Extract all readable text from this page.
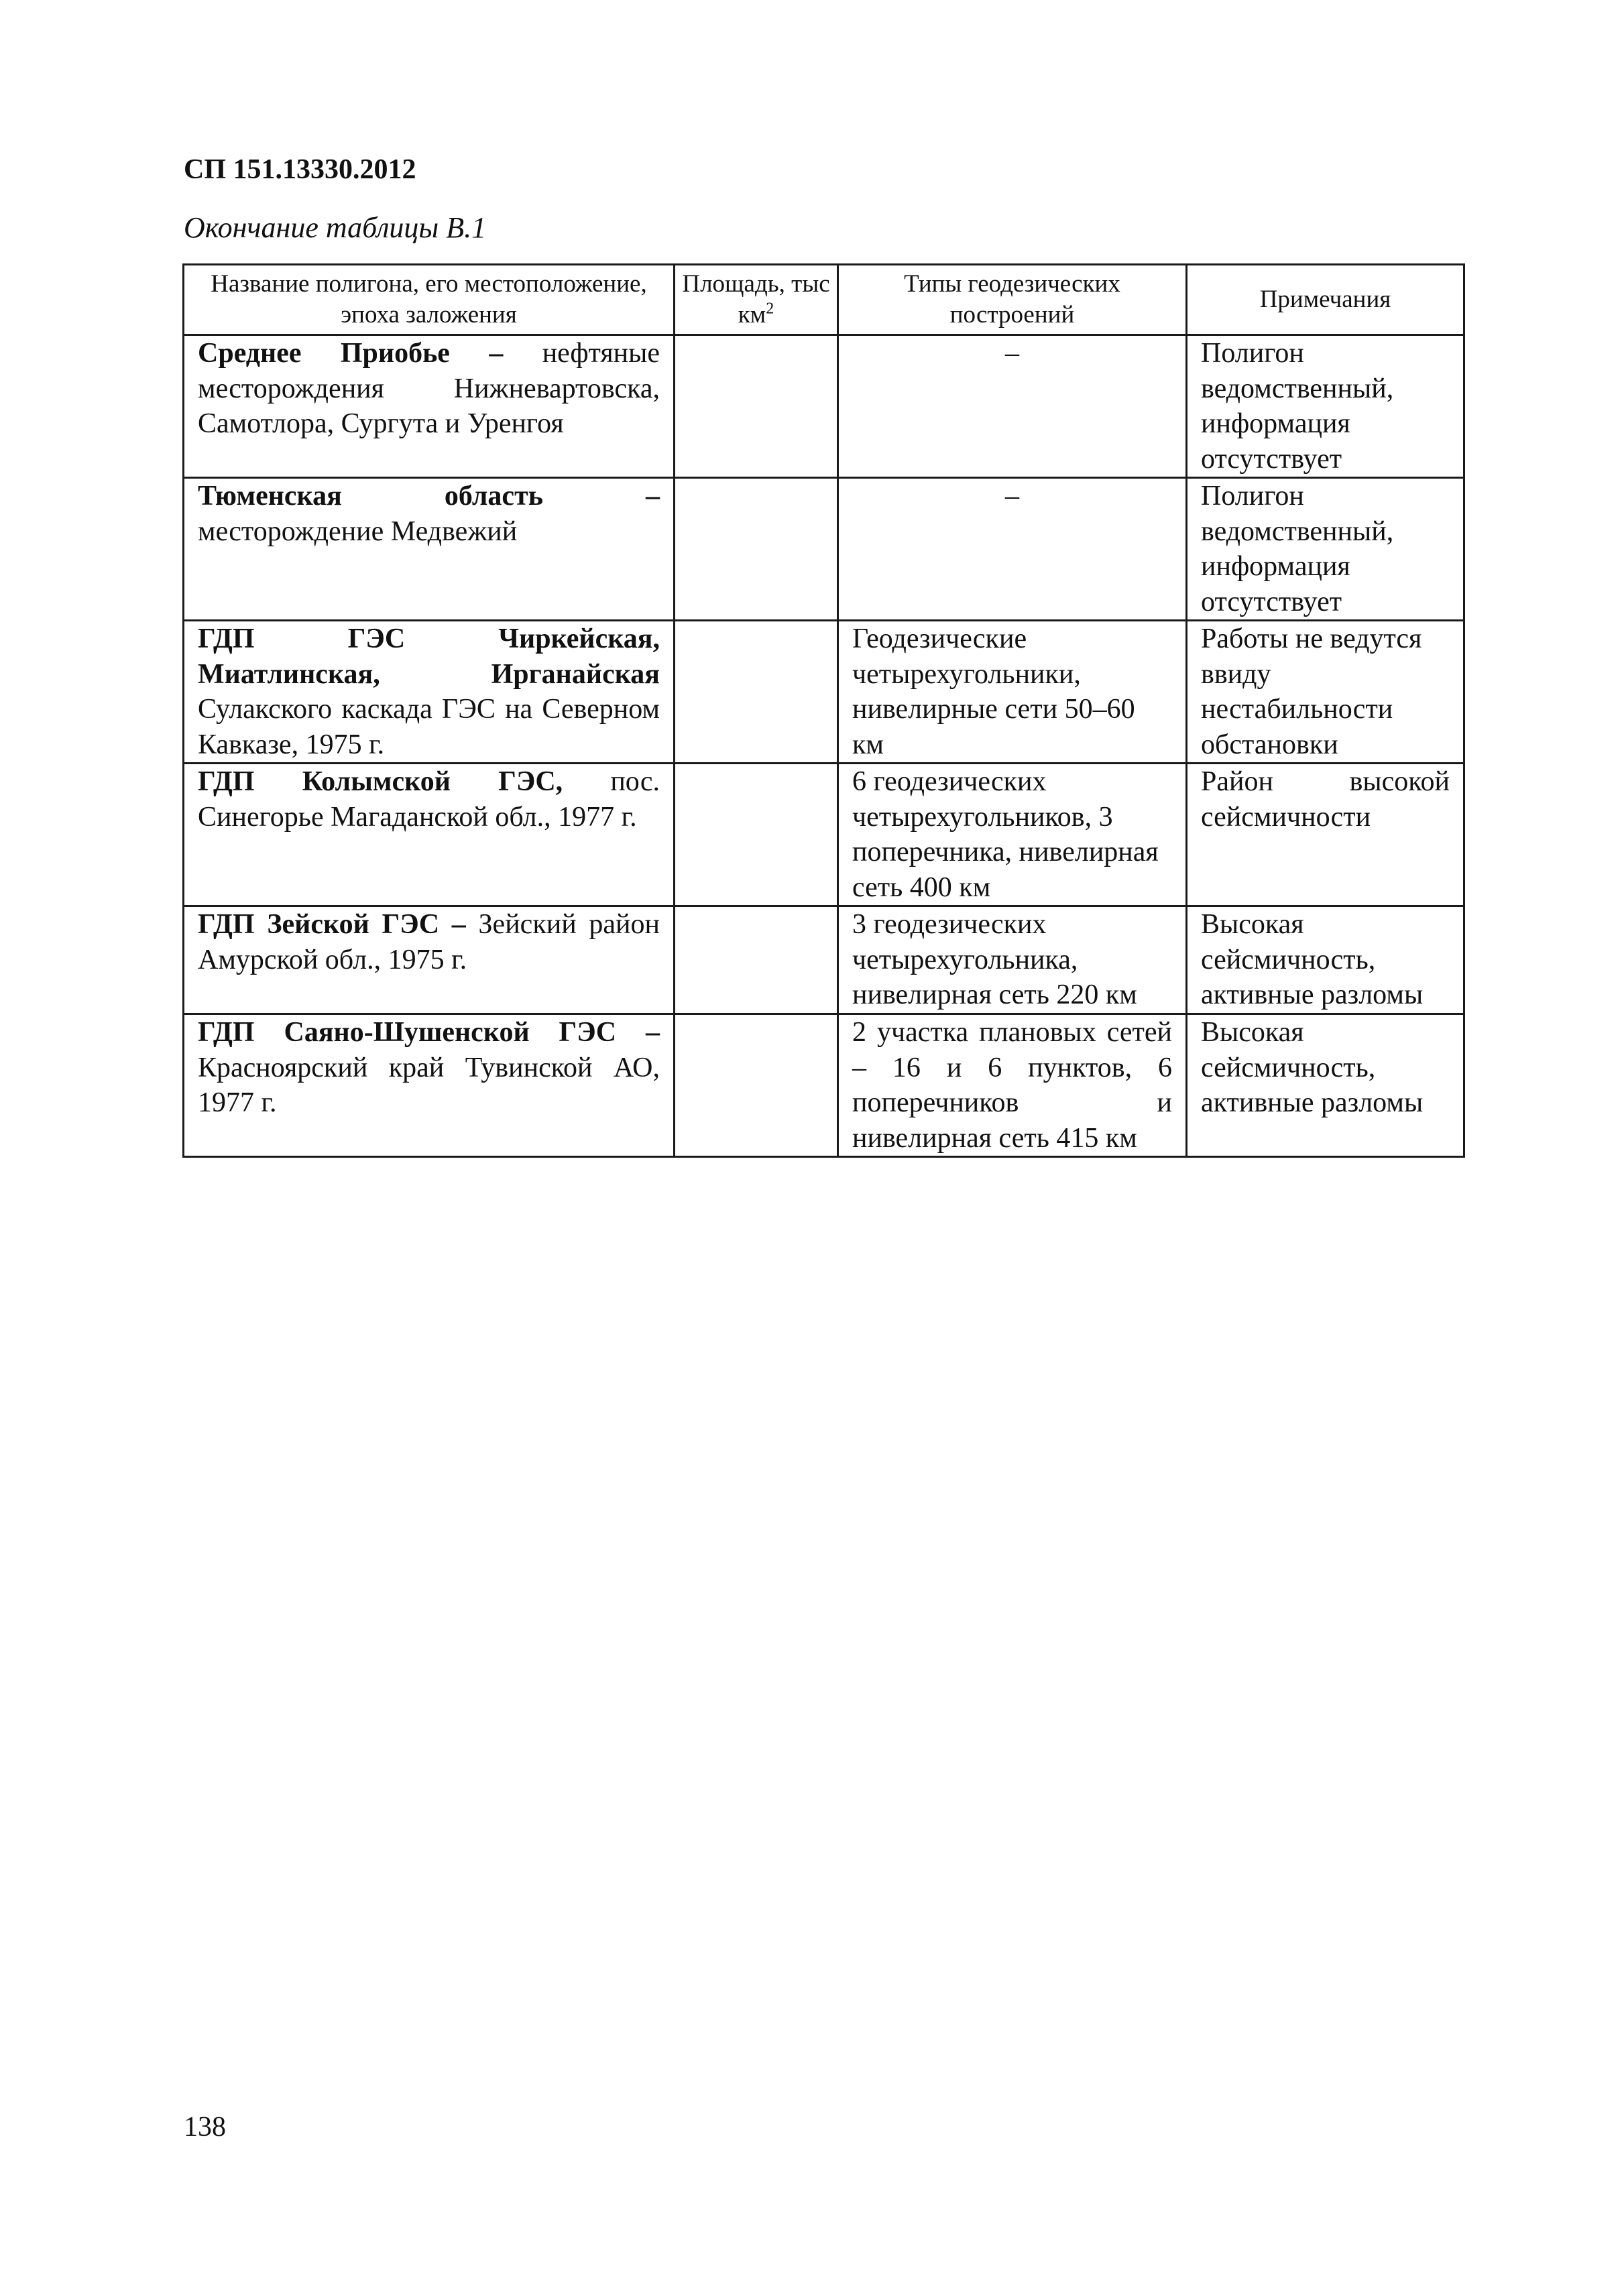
СП 151.13330.2012
Окончание таблицы В.1
Название полигона, его местоположение, эпоха заложения	Площадь, тыс $км^2$	Типы геодезических построений	Примечания
Среднее Приобье – нефтяные месторождения Нижневартовска, Самотлора, Сургута и Уренгоя		–	Полигон ведомственный, информация отсутствует
Тюменская область – месторождение Медвежий		–	Полигон ведомственный, информация отсутствует
ГДП ГЭС Чиркейская, Миатлинская, Ирганайская Сулакского каскада ГЭС на Северном Кавказе, 1975 г.		Геодезические четырехугольники, нивелирные сети 50–60 км	Работы не ведутся ввиду нестабильности обстановки
ГДП Колымской ГЭС, пос. Синегорье Магаданской обл., 1977 г.		6 геодезических четырехугольников, 3 поперечника, нивелирная сеть 400 км	Район высокой сейсмичности
ГДП Зейской ГЭС – Зейский район Амурской обл., 1975 г.		3 геодезических четырехугольника, нивелирная сеть 220 км	Высокая сейсмичность, активные разломы
ГДП Саяно-Шушенской ГЭС – Красноярский край Тувинской АО, 1977 г.		2 участка плановых сетей – 16 и 6 пунктов, 6 поперечников и нивелирная сеть 415 км	Высокая сейсмичность, активные разломы
138
